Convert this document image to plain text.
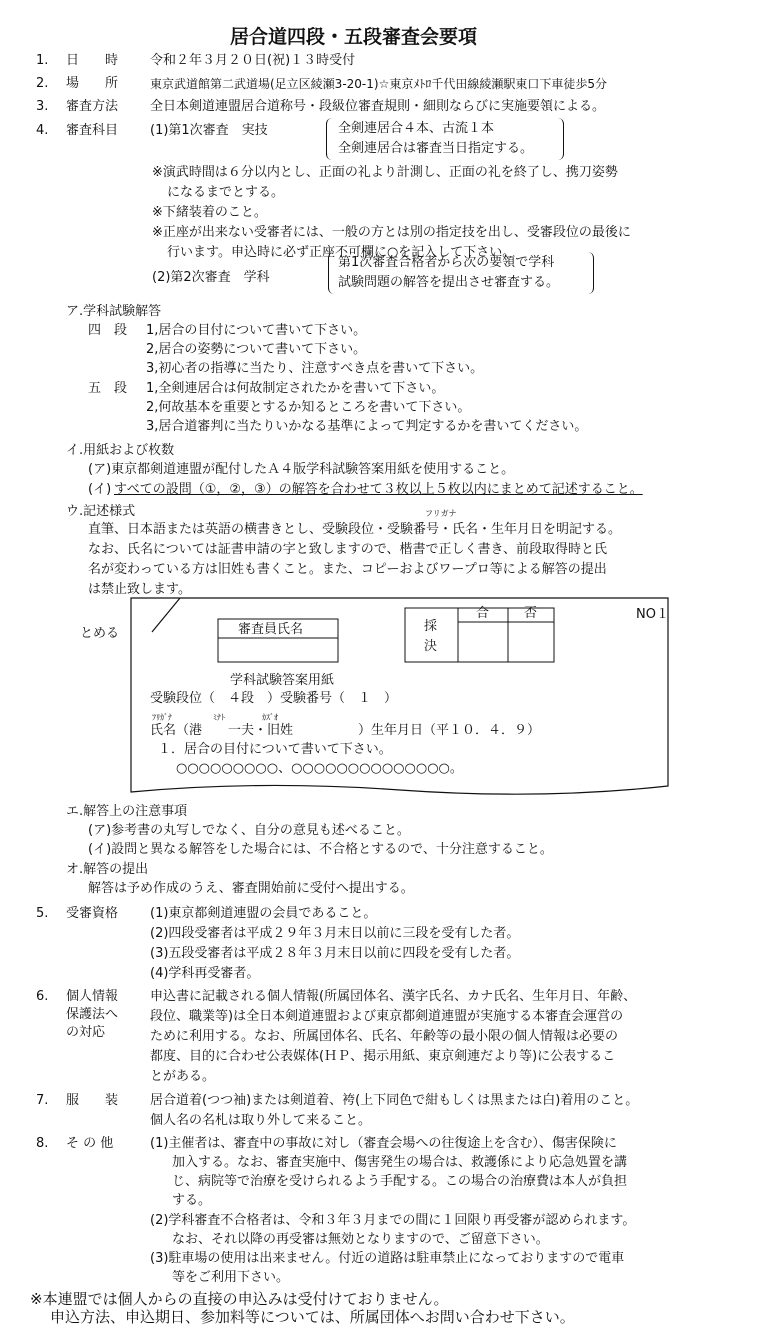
居合道四段・五段審査会要項
1. 日　　時 令和２年３月２０日(祝)１３時受付
2. 場　　所	東京武道館第二武道場(足立区綾瀬3-20-1)☆東京ﾒﾄﾛ千代田線綾瀬駅東口下車徒歩5分
3. 審査方法 全日本剣道連盟居合道称号・段級位審査規則・細則ならびに実施要領による。
4. 審査科目 (1)第1次審査　実技	全剣連居合４本、古流１本
全剣連居合は審査当日指定する。
※演武時間は６分以内とし、正面の礼より計測し、正面の礼を終了し、携刀姿勢
になるまでとする。
※下緒装着のこと。
※正座が出来ない受審者には、一般の方とは別の指定技を出し、受審段位の最後に
行います。申込時に必ず正座不可欄に○を記入して下さい。
(2)第2次審査　学科
第1次審査合格者から次の要領で学科
試験問題の解答を提出させ審査する。
ア.学科試験解答
四　段 1,居合の目付について書いて下さい。
2,居合の姿勢について書いて下さい。
3,初心者の指導に当たり、注意すべき点を書いて下さい。
五　段 1,全剣連居合は何故制定されたかを書いて下さい。
2,何故基本を重要とするか知るところを書いて下さい。
3,居合道審判に当たりいかなる基準によって判定するかを書いてください。
イ.用紙および枚数
(ア)東京都剣道連盟が配付したＡ４版学科試験答案用紙を使用すること。
(イ) すべての設問（①，②，③）の解答を合わせて３枚以上５枚以内にまとめて記述すること。
ウ.記述様式	フリガナ
直筆、日本語または英語の横書きとし、受験段位・受験番号・氏名・生年月日を明記する。
なお、氏名については証書申請の字と致しますので、楷書で正しく書き、前段取得時と氏
名が変わっている方は旧姓も書くこと。また、コピーおよびワープロ等による解答の提出
は禁止致します。
とめる	審査員氏名	採
決
合	否	NO１
学科試験答案用紙
受験段位（　４段　）受験番号（　１　）
ﾌﾘｶﾞﾅ	ﾐﾅﾄ	ｶｽﾞｵ
氏名（港　　一夫・旧姓　　　　　）生年月日（平１０．４．９）
１．居合の目付について書いて下さい。
○○○○○○○○○、○○○○○○○○○○○○○○。
エ.解答上の注意事項
(ア)参考書の丸写しでなく、自分の意見も述べること。
(イ)設問と異なる解答をした場合には、不合格とするので、十分注意すること。
オ.解答の提出
解答は予め作成のうえ、審査開始前に受付へ提出する。
5. 受審資格 (1)東京都剣道連盟の会員であること。
(2)四段受審者は平成２９年３月末日以前に三段を受有した者。
(3)五段受審者は平成２８年３月末日以前に四段を受有した者。
(4)学科再受審者。
6. 個人情報
保護法へ
の対応
申込書に記載される個人情報(所属団体名、漢字氏名、カナ氏名、生年月日、年齢、
段位、職業等)は全日本剣道連盟および東京都剣道連盟が実施する本審査会運営の
ために利用する。なお、所属団体名、氏名、年齢等の最小限の個人情報は必要の
都度、目的に合わせ公表媒体(ＨＰ、掲示用紙、東京剣連だより等)に公表するこ
とがある。
7. 服　　装 居合道着(つつ袖)または剣道着、袴(上下同色で紺もしくは黒または白)着用のこと。
個人名の名札は取り外して来ること。
8. そ の 他	(1)主催者は、審査中の事故に対し（審査会場への往復途上を含む）、傷害保険に
加入する。なお、審査実施中、傷害発生の場合は、救護係により応急処置を講
じ、病院等で治療を受けられるよう手配する。この場合の治療費は本人が負担
する。
(2)学科審査不合格者は、令和３年３月までの間に１回限り再受審が認められます。
なお、それ以降の再受審は無効となりますので、ご留意下さい。
(3)駐車場の使用は出来ません。付近の道路は駐車禁止になっておりますので電車
等をご利用下さい。
※本連盟では個人からの直接の申込みは受付けておりません。
申込方法、申込期日、参加料等については、所属団体へお問い合わせ下さい。
